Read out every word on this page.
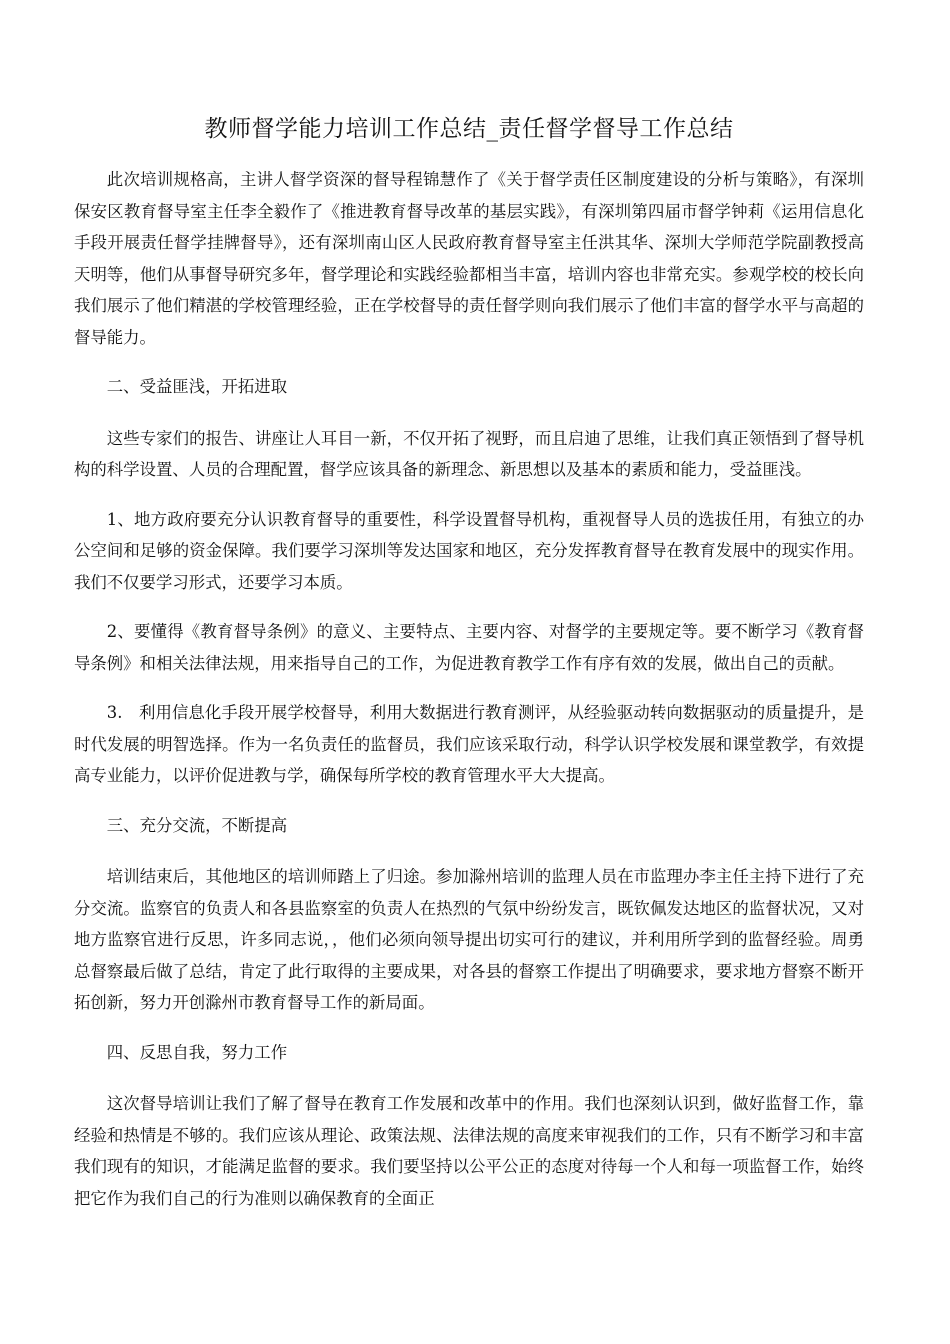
教师督学能力培训工作总结_责任督学督导工作总结

此次培训规格高，主讲人督学资深的督导程锦慧作了《关于督学责任区制度建设的分析与策略》，有深圳保安区教育督导室主任李全毅作了《推进教育督导改革的基层实践》，有深圳第四届市督学钟莉《运用信息化手段开展责任督学挂牌督导》，还有深圳南山区人民政府教育督导室主任洪其华、深圳大学师范学院副教授高天明等，他们从事督导研究多年，督学理论和实践经验都相当丰富，培训内容也非常充实。参观学校的校长向我们展示了他们精湛的学校管理经验，正在学校督导的责任督学则向我们展示了他们丰富的督学水平与高超的督导能力。

二、受益匪浅，开拓进取

这些专家们的报告、讲座让人耳目一新，不仅开拓了视野，而且启迪了思维，让我们真正领悟到了督导机构的科学设置、人员的合理配置，督学应该具备的新理念、新思想以及基本的素质和能力，受益匪浅。

1、地方政府要充分认识教育督导的重要性，科学设置督导机构，重视督导人员的选拔任用，有独立的办公空间和足够的资金保障。我们要学习深圳等发达国家和地区，充分发挥教育督导在教育发展中的现实作用。我们不仅要学习形式，还要学习本质。

2、要懂得《教育督导条例》的意义、主要特点、主要内容、对督学的主要规定等。要不断学习《教育督导条例》和相关法律法规，用来指导自己的工作，为促进教育教学工作有序有效的发展，做出自己的贡献。

3.　利用信息化手段开展学校督导，利用大数据进行教育测评，从经验驱动转向数据驱动的质量提升，是时代发展的明智选择。作为一名负责任的监督员，我们应该采取行动，科学认识学校发展和课堂教学，有效提高专业能力，以评价促进教与学，确保每所学校的教育管理水平大大提高。

三、充分交流，不断提高

培训结束后，其他地区的培训师踏上了归途。参加滁州培训的监理人员在市监理办李主任主持下进行了充分交流。监察官的负责人和各县监察室的负责人在热烈的气氛中纷纷发言，既钦佩发达地区的监督状况，又对地方监察官进行反思，许多同志说，，他们必须向领导提出切实可行的建议，并利用所学到的监督经验。周勇总督察最后做了总结，肯定了此行取得的主要成果，对各县的督察工作提出了明确要求，要求地方督察不断开拓创新，努力开创滁州市教育督导工作的新局面。

四、反思自我，努力工作

这次督导培训让我们了解了督导在教育工作发展和改革中的作用。我们也深刻认识到，做好监督工作，靠经验和热情是不够的。我们应该从理论、政策法规、法律法规的高度来审视我们的工作，只有不断学习和丰富我们现有的知识，才能满足监督的要求。我们要坚持以公平公正的态度对待每一个人和每一项监督工作，始终把它作为我们自己的行为准则以确保教育的全面正
